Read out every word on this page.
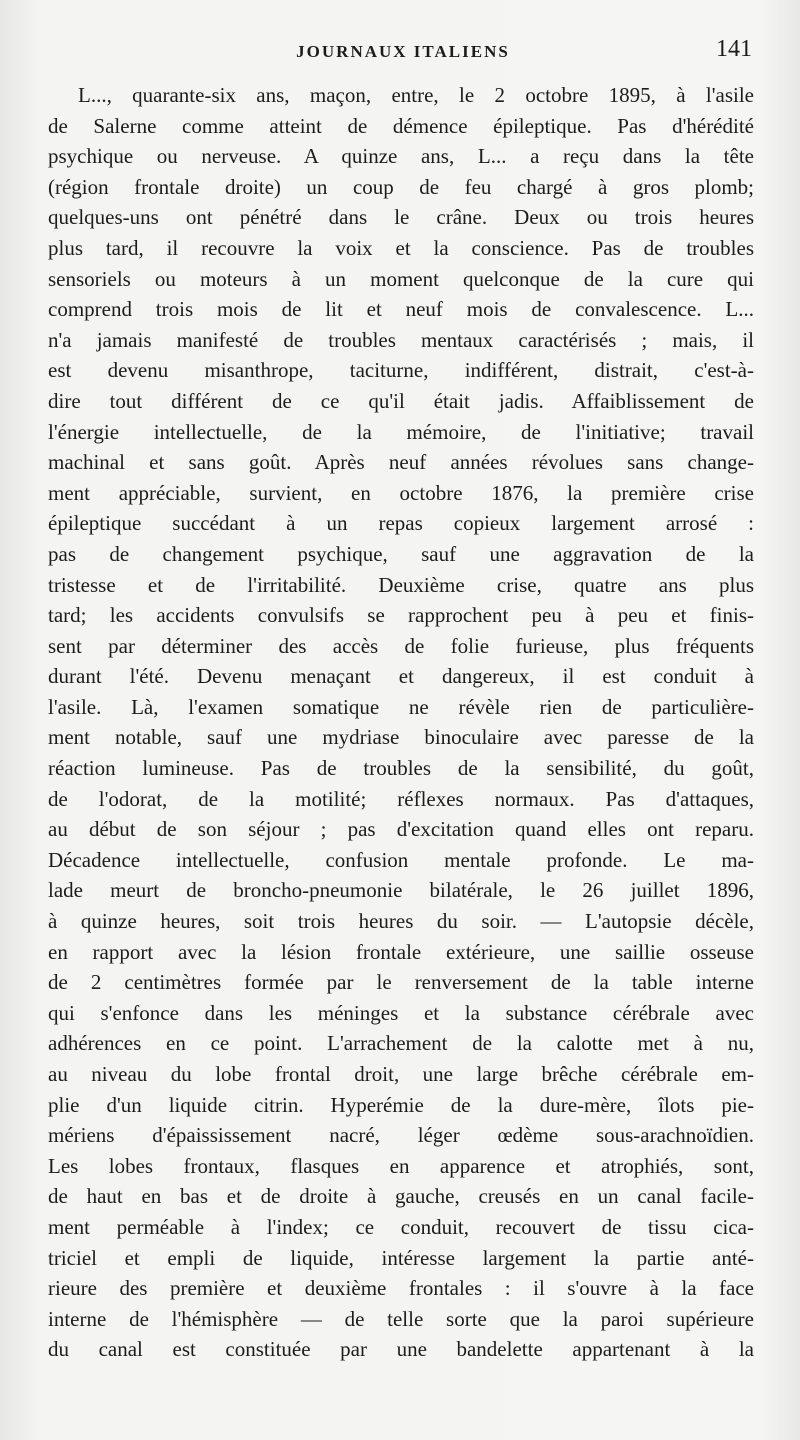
JOURNAUX ITALIENS	141
L..., quarante-six ans, maçon, entre, le 2 octobre 1895, à l'asile
de Salerne comme atteint de démence épileptique. Pas d'hérédité
psychique ou nerveuse. A quinze ans, L... a reçu dans la tête
(région frontale droite) un coup de feu chargé à gros plomb;
quelques-uns ont pénétré dans le crâne. Deux ou trois heures
plus tard, il recouvre la voix et la conscience. Pas de troubles
sensoriels ou moteurs à un moment quelconque de la cure qui
comprend trois mois de lit et neuf mois de convalescence. L...
n'a jamais manifesté de troubles mentaux caractérisés ; mais, il
est devenu misanthrope, taciturne, indifférent, distrait, c'est-à-
dire tout différent de ce qu'il était jadis. Affaiblissement de
l'énergie intellectuelle, de la mémoire, de l'initiative; travail
machinal et sans goût. Après neuf années révolues sans change-
ment appréciable, survient, en octobre 1876, la première crise
épileptique succédant à un repas copieux largement arrosé :
pas de changement psychique, sauf une aggravation de la
tristesse et de l'irritabilité. Deuxième crise, quatre ans plus
tard; les accidents convulsifs se rapprochent peu à peu et finis-
sent par déterminer des accès de folie furieuse, plus fréquents
durant l'été. Devenu menaçant et dangereux, il est conduit à
l'asile. Là, l'examen somatique ne révèle rien de particulière-
ment notable, sauf une mydriase binoculaire avec paresse de la
réaction lumineuse. Pas de troubles de la sensibilité, du goût,
de l'odorat, de la motilité; réflexes normaux. Pas d'attaques,
au début de son séjour ; pas d'excitation quand elles ont reparu.
Décadence intellectuelle, confusion mentale profonde. Le ma-
lade meurt de broncho-pneumonie bilatérale, le 26 juillet 1896,
à quinze heures, soit trois heures du soir. — L'autopsie décèle,
en rapport avec la lésion frontale extérieure, une saillie osseuse
de 2 centimètres formée par le renversement de la table interne
qui s'enfonce dans les méninges et la substance cérébrale avec
adhérences en ce point. L'arrachement de la calotte met à nu,
au niveau du lobe frontal droit, une large brêche cérébrale em-
plie d'un liquide citrin. Hyperémie de la dure-mère, îlots pie-
mériens d'épaississement nacré, léger œdème sous-arachnoïdien.
Les lobes frontaux, flasques en apparence et atrophiés, sont,
de haut en bas et de droite à gauche, creusés en un canal facile-
ment perméable à l'index; ce conduit, recouvert de tissu cica-
triciel et empli de liquide, intéresse largement la partie anté-
rieure des première et deuxième frontales : il s'ouvre à la face
interne de l'hémisphère — de telle sorte que la paroi supérieure
du canal est constituée par une bandelette appartenant à la
